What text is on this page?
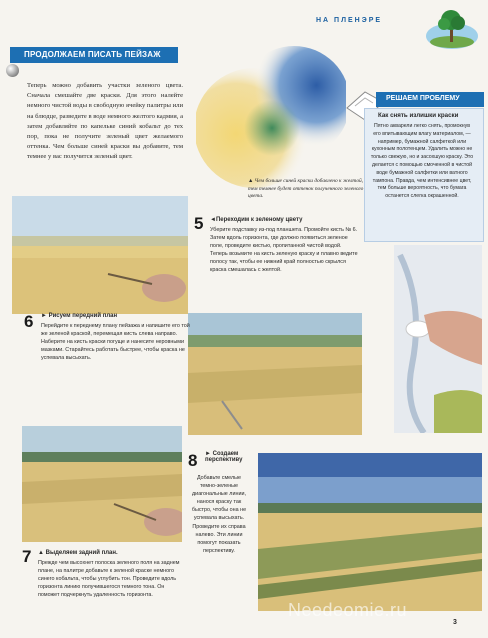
НА ПЛЕНЭРЕ
ПРОДОЛЖАЕМ ПИСАТЬ ПЕЙЗАЖ
Теперь можно добавить участки зеленого цвета. Сначала смешайте две краски. Для этого налейте немного чистой воды в свободную ячейку палитры или на блюдце, разведите в воде немного желтого кадмия, а затем добавляйте по капельке синий кобальт до тех пор, пока не получите зеленый цвет желаемого оттенка. Чем больше синей краски вы добавите, тем темнее у вас получится зеленый цвет.
▲ Чем больше синей краски добавлено к желтой, тем темнее будет оттенок полученного зеленого цвета.
РЕШАЕМ ПРОБЛЕМУ
Как снять излишки краски
Пятно акварели легко снять, промокнув его впитывающим влагу материалом, — например, бумажной салфеткой или кухонным полотенцем. Удалить можно не только свежую, но и засохшую краску. Это делается с помощью смоченной в чистой воде бумажной салфетки или ватного тампона. Правда, чем интенсивнее цвет, тем больше вероятность, что бумага останется слегка окрашенной.
5 ◄Переходим к зеленому цвету
Уберите подставку из-под планшета. Промойте кисть № 6. Затем вдоль горизонта, где должно появиться зеленое поле, проведите кистью, пропитанной чистой водой. Теперь возьмите на кисть зеленую краску и плавно ведите полосу так, чтобы ее нижний край полностью скрылся краска смешалась с желтой.
6 ► Рисуем передний план
Перейдите к переднему плану пейзажа и напишите его той же зеленой краской, перемещая кисть слева направо. Наберите на кисть краски погуще и нанесите неровными мазками. Старайтесь работать быстрее, чтобы краска не успевала высыхать.
7 ▲ Выделяем задний план.
Прежде чем высохнет полоска зеленого поля на заднем плане, на палитре добавьте к зеленой краске немного синего кобальта, чтобы углубить тон. Проведите вдоль горизонта линию получившегося темного тона. Он поможет подчеркнуть удаленность горизонта.
8 ► Создаем перспективу
Добавьте смелые темно-зеленые диагональные линии, нанося краску так быстро, чтобы она не успевала высыхать. Проведите их справа налево. Эти линии помогут показать перспективу.
Needeomie.ru
3
